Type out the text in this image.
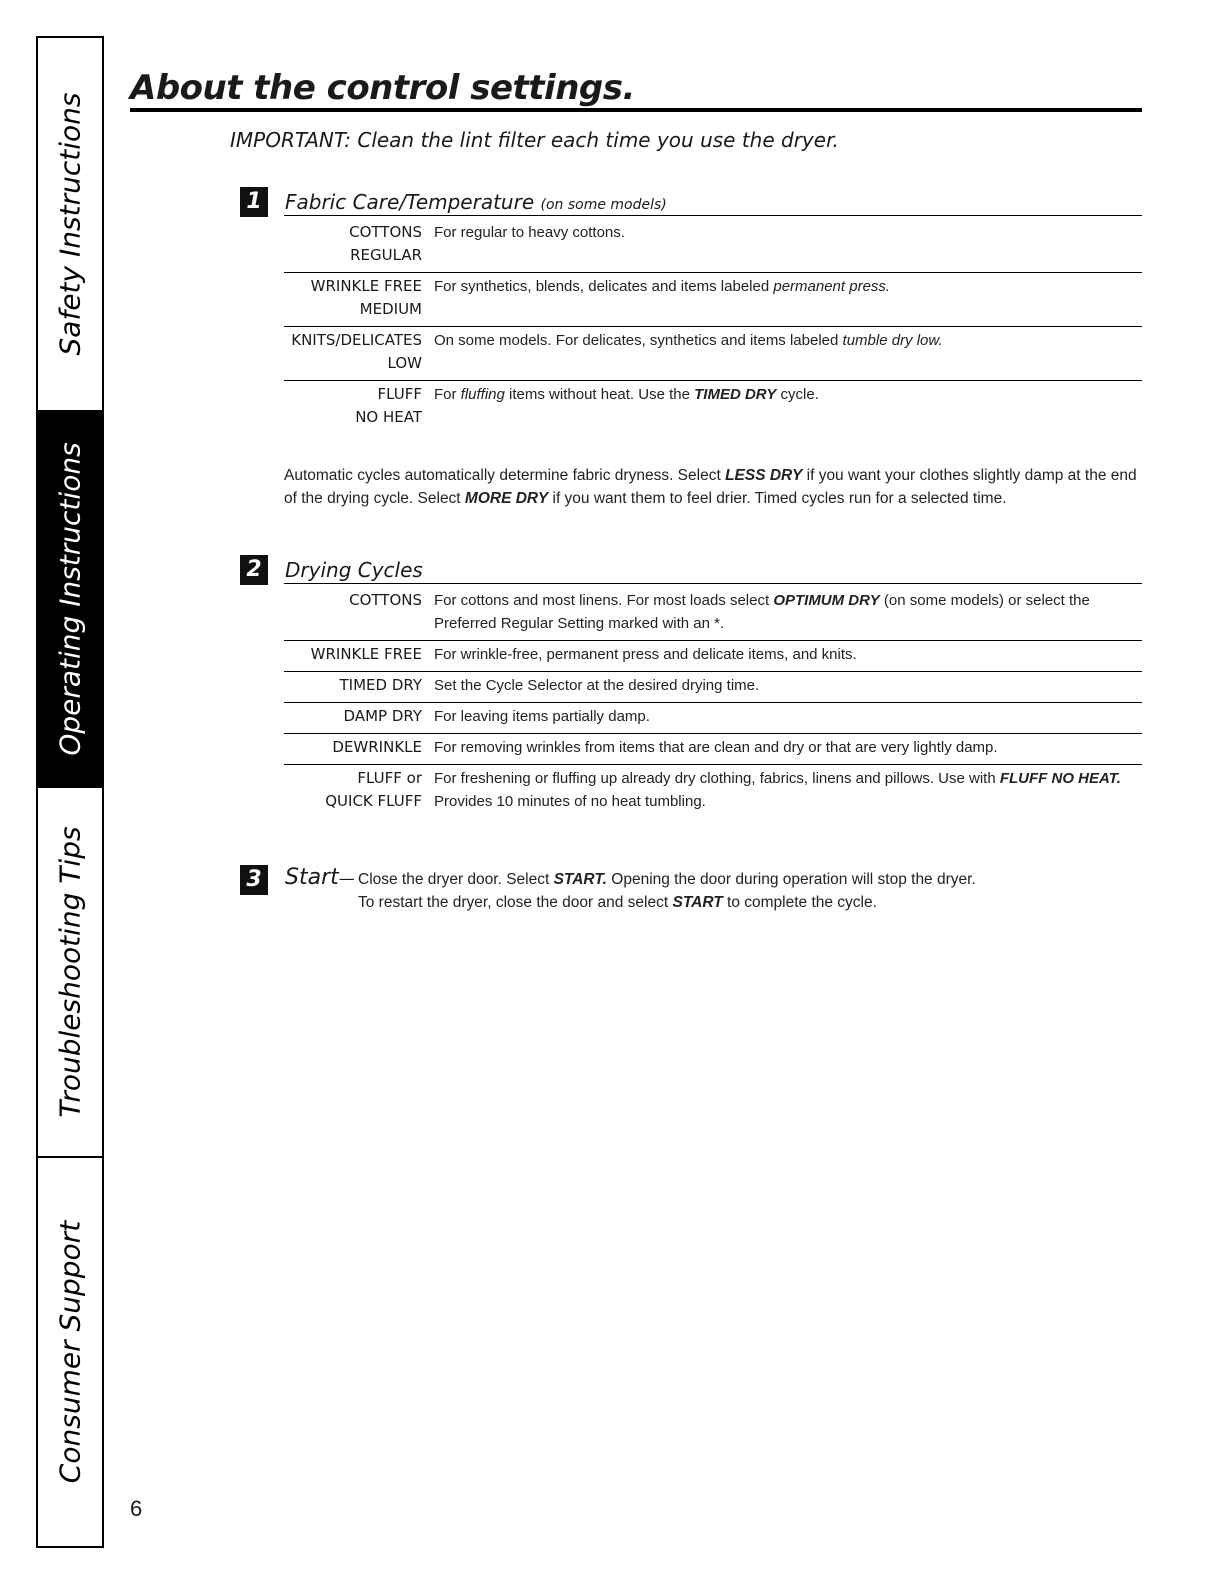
Safety Instructions
Operating Instructions
Troubleshooting Tips
Consumer Support
About the control settings.

IMPORTANT: Clean the lint filter each time you use the dryer.

1	Fabric Care/Temperature (on some models)
COTTONS
REGULAR
For regular to heavy cottons.
WRINKLE FREE
MEDIUM
For synthetics, blends, delicates and items labeled permanent press.
KNITS/DELICATES
LOW
On some models. For delicates, synthetics and items labeled tumble dry low.
FLUFF
NO HEAT
For fluffing items without heat. Use the TIMED DRY cycle.

Automatic cycles automatically determine fabric dryness. Select LESS DRY if you want your clothes slightly damp at the end of the drying cycle. Select MORE DRY if you want them to feel drier. Timed cycles run for a selected time.

2	Drying Cycles
COTTONS For cottons and most linens. For most loads select OPTIMUM DRY (on some models) or select the Preferred Regular Setting marked with an *.
WRINKLE FREE For wrinkle-free, permanent press and delicate items, and knits.
TIMED DRY Set the Cycle Selector at the desired drying time.
DAMP DRY For leaving items partially damp.
DEWRINKLE For removing wrinkles from items that are clean and dry or that are very lightly damp.
FLUFF or
QUICK FLUFF
For freshening or fluffing up already dry clothing, fabrics, linens and pillows. Use with FLUFF NO HEAT. Provides 10 minutes of no heat tumbling.
3 Start— Close the dryer door. Select START. Opening the door during operation will stop the dryer.
To restart the dryer, close the door and select START to complete the cycle.
6
